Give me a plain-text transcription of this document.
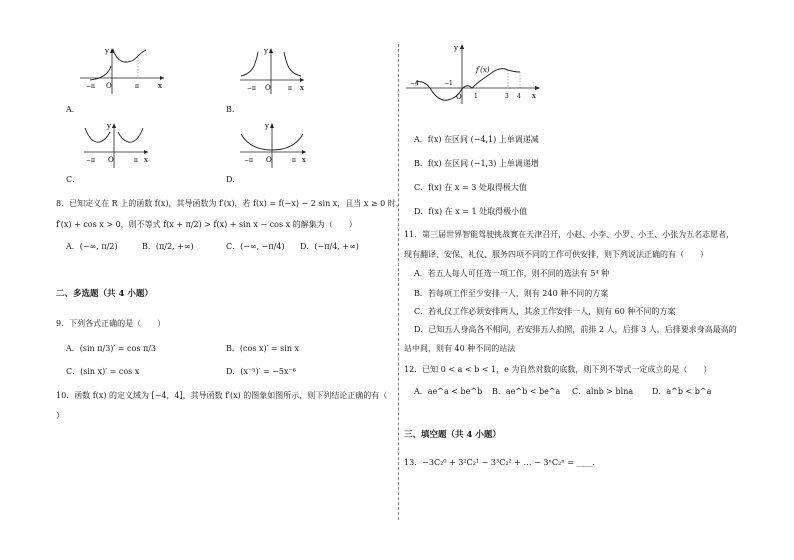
y
x
O
−π	π
A．
y
x
O
−π	π
B．
y
x
O
−π	π
C．
y
x
O
−π	π
D．
8．已知定义在 R 上的函数 f(x)，其导函数为 f′(x)，若 f(x) = f(−x) − 2 sin x，且当 x ≥ 0 时，
f′(x) + cos x > 0，则不等式 f(x + π/2) > f(x) + sin x − cos x 的解集为（　　）
A．(−∞, π/2)	B．(π/2, +∞)	C．(−∞, −π/4) D．(−π/4, +∞)
二、多选题（共 4 小题）
9．下列各式正确的是（　　）
A．(sin π/3)′ = cos π/3	B．(cos x)′ = sin x
C．(sin x)′ = cos x	D．(x⁻⁵)′ = −5x⁻⁶
10．函数 f(x) 的定义域为 [−4，4]，其导函数 f′(x) 的图象如图所示，则下列结论正确的有（
）
y
x
f′(x)
O
−4	−1
1	3 4
A．f(x) 在区间 (−4,1) 上单调递减
B．f(x) 在区间 (−1,3) 上单调递增
C．f(x) 在 x = 3 处取得极大值
D．f(x) 在 x = 1 处取得极小值
11．第三届世界智能驾驶挑战赛在天津召开，小赵、小李、小罗、小王、小张为五名志愿者，
现有翻译、安保、礼仪、服务四项不同的工作可供安排，则下列说法正确的有（　　）
A．若五人每人可任选一项工作，则不同的选法有 5⁴ 种
B．若每项工作至少安排一人，则有 240 种不同的方案
C．若礼仪工作必须安排两人，其余工作安排一人，则有 60 种不同的方案
D．已知五人身高各不相同，若安排五人拍照，前排 2 人，后排 3 人，后排要求身高最高的
站中间，则有 40 种不同的站法
12．已知 0 < a < b < 1，e 为自然对数的底数，则下列不等式一定成立的是（　　）
A．ae^a < be^b B．ae^b < be^a C．alnb > blna D．a^b < b^a
三、填空题（共 4 小题）
13．−3C₂⁰ + 3²C₂¹ − 3³C₂² + … − 3ⁿC₂ⁿ = ____．
